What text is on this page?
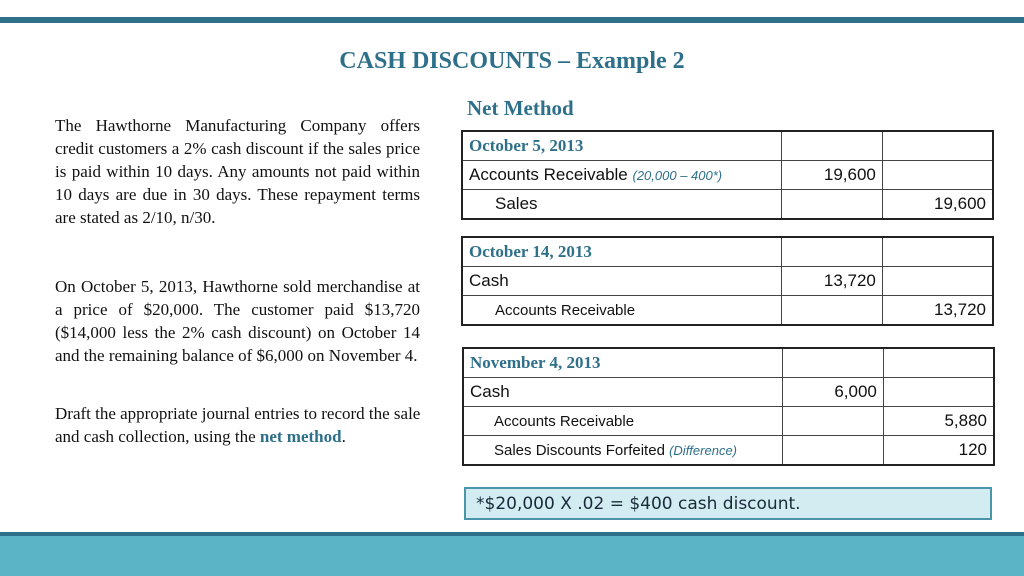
CASH DISCOUNTS – Example 2
Net Method
The Hawthorne Manufacturing Company offers credit customers a 2% cash discount if the sales price is paid within 10 days. Any amounts not paid within 10 days are due in 30 days. These repayment terms are stated as 2/10, n/30.
On October 5, 2013, Hawthorne sold merchandise at a price of $20,000. The customer paid $13,720 ($14,000 less the 2% cash discount) on October 14 and the remaining balance of $6,000 on November 4.
Draft the appropriate journal entries to record the sale and cash collection, using the net method.
October 5, 2013		
Accounts Receivable (20,000 – 400*)	19,600	
Sales		19,600
October 14, 2013		
Cash	13,720	
Accounts Receivable		13,720
November 4, 2013		
Cash	6,000	
Accounts Receivable		5,880
Sales Discounts Forfeited (Difference)		120
*$20,000 X .02 = $400 cash discount.
